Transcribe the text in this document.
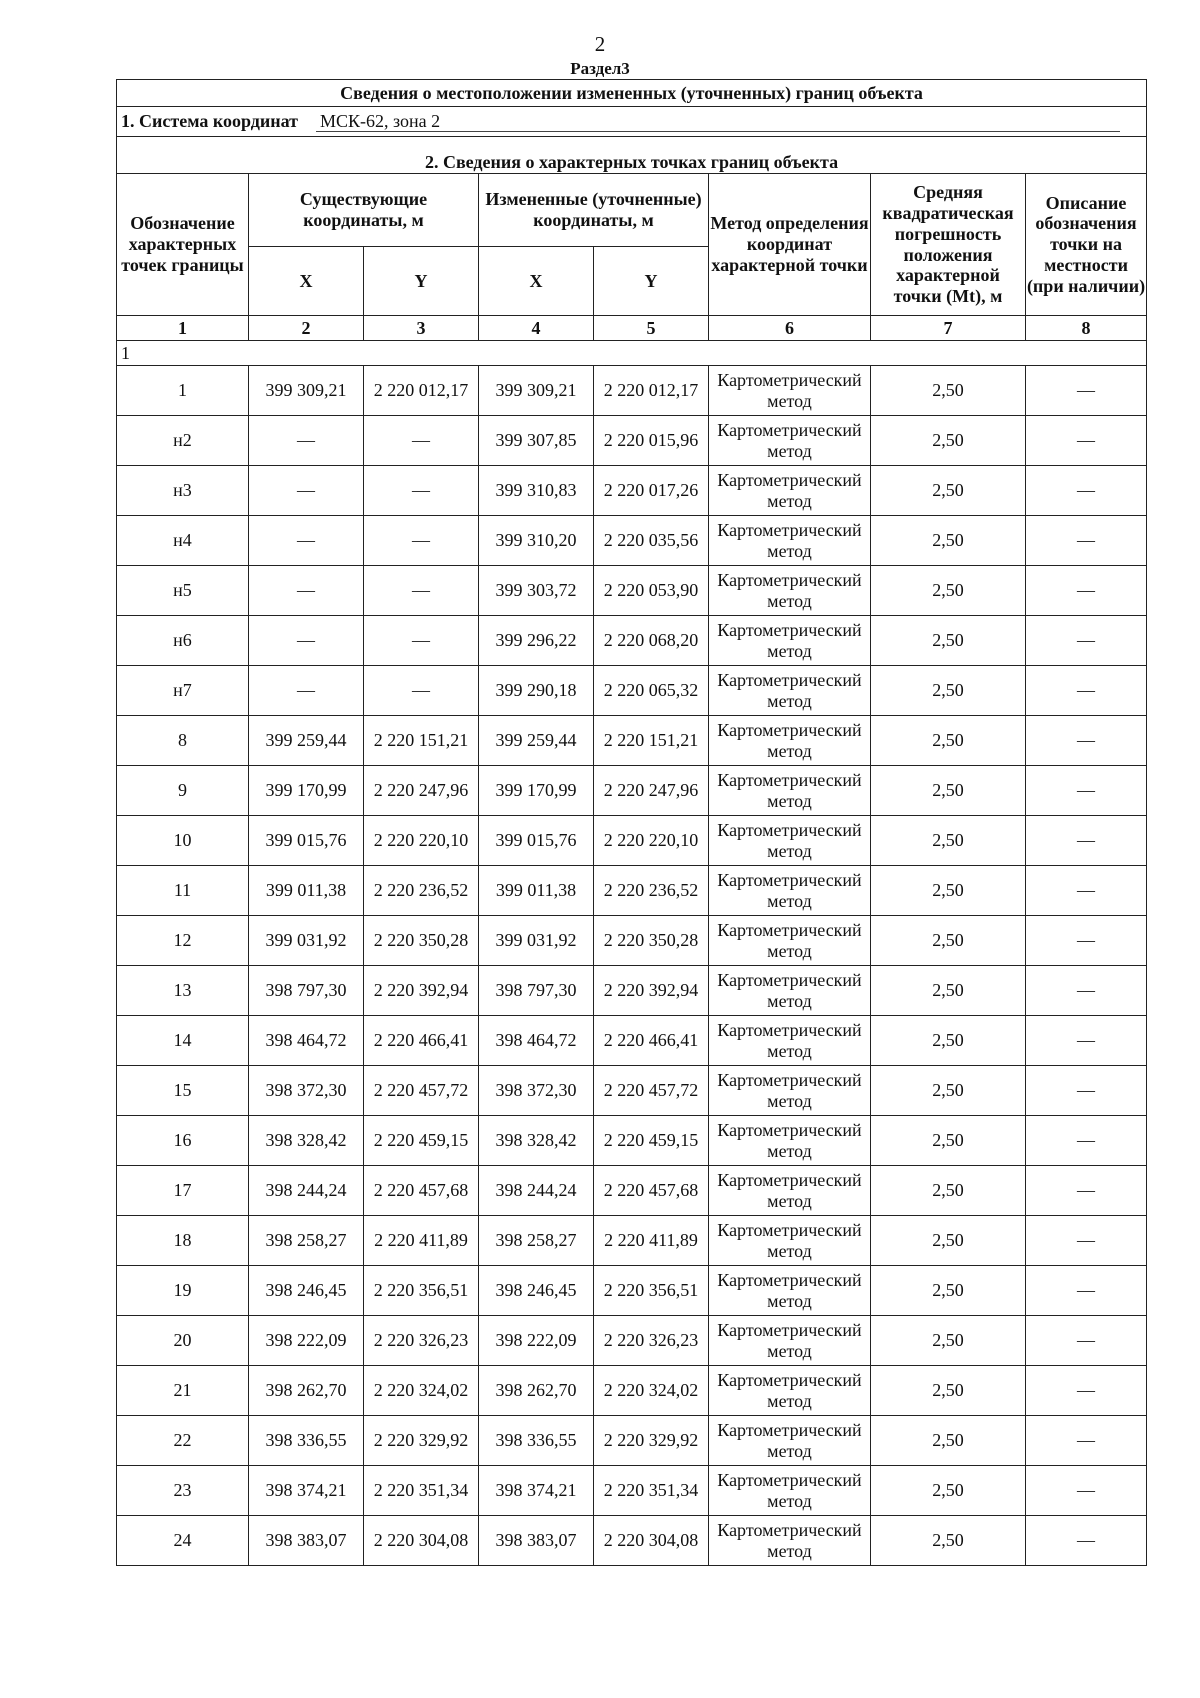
2
Раздел3
Сведения о местоположении измененных (уточненных) границ объекта							
1. Система координат МСК-62, зона 2							
2. Сведения о характерных точках границ объекта							
Обозначение характерных точек границы	Существующие координаты, м		Измененные (уточненные) координаты, м		Метод определения координат характерной точки	Средняя квадратическая погрешность положения характерной точки (Mt), м	Описание обозначения точки на местности (при наличии)
	X	Y	X	Y			
1	2	3	4	5	6	7	8
1							
1	399 309,21	2 220 012,17	399 309,21	2 220 012,17	Картометрический метод	2,50	—
н2	—	—	399 307,85	2 220 015,96	Картометрический метод	2,50	—
н3	—	—	399 310,83	2 220 017,26	Картометрический метод	2,50	—
н4	—	—	399 310,20	2 220 035,56	Картометрический метод	2,50	—
н5	—	—	399 303,72	2 220 053,90	Картометрический метод	2,50	—
н6	—	—	399 296,22	2 220 068,20	Картометрический метод	2,50	—
н7	—	—	399 290,18	2 220 065,32	Картометрический метод	2,50	—
8	399 259,44	2 220 151,21	399 259,44	2 220 151,21	Картометрический метод	2,50	—
9	399 170,99	2 220 247,96	399 170,99	2 220 247,96	Картометрический метод	2,50	—
10	399 015,76	2 220 220,10	399 015,76	2 220 220,10	Картометрический метод	2,50	—
11	399 011,38	2 220 236,52	399 011,38	2 220 236,52	Картометрический метод	2,50	—
12	399 031,92	2 220 350,28	399 031,92	2 220 350,28	Картометрический метод	2,50	—
13	398 797,30	2 220 392,94	398 797,30	2 220 392,94	Картометрический метод	2,50	—
14	398 464,72	2 220 466,41	398 464,72	2 220 466,41	Картометрический метод	2,50	—
15	398 372,30	2 220 457,72	398 372,30	2 220 457,72	Картометрический метод	2,50	—
16	398 328,42	2 220 459,15	398 328,42	2 220 459,15	Картометрический метод	2,50	—
17	398 244,24	2 220 457,68	398 244,24	2 220 457,68	Картометрический метод	2,50	—
18	398 258,27	2 220 411,89	398 258,27	2 220 411,89	Картометрический метод	2,50	—
19	398 246,45	2 220 356,51	398 246,45	2 220 356,51	Картометрический метод	2,50	—
20	398 222,09	2 220 326,23	398 222,09	2 220 326,23	Картометрический метод	2,50	—
21	398 262,70	2 220 324,02	398 262,70	2 220 324,02	Картометрический метод	2,50	—
22	398 336,55	2 220 329,92	398 336,55	2 220 329,92	Картометрический метод	2,50	—
23	398 374,21	2 220 351,34	398 374,21	2 220 351,34	Картометрический метод	2,50	—
24	398 383,07	2 220 304,08	398 383,07	2 220 304,08	Картометрический метод	2,50	—
